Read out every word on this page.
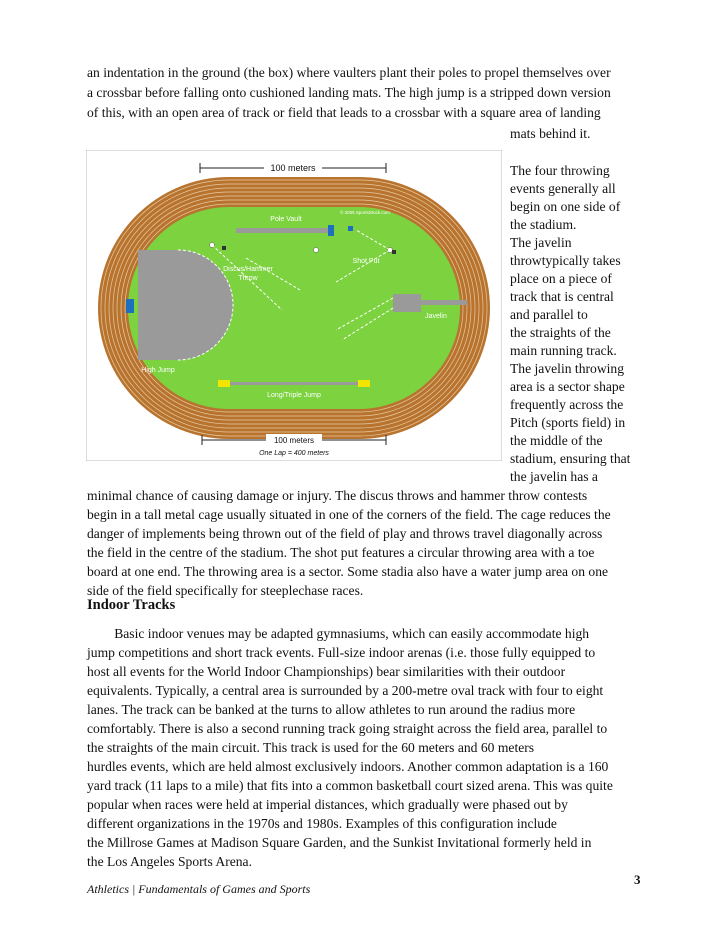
an indentation in the ground (the box) where vaulters plant their poles to propel themselves over
a crossbar before falling onto cushioned landing mats. The high jump is a stripped down version
of this, with an open area of track or field that leads to a crossbar with a square area of landing
mats behind it.
100 meters
High Jump
Pole Vault
© 2005 SportsStock.com
Discus/Hammer
Throw
Shot Put
Javelin
Long/Triple Jump
100 meters
One Lap = 400 meters
The four throwing
events generally all
begin on one side of
the stadium.
The javelin
throwtypically takes
place on a piece of
track that is central
and parallel to
the straights of the
main running track.
The javelin throwing
area is a sector shape
frequently across the
Pitch (sports field) in
the middle of the
stadium, ensuring that
the javelin has a
minimal chance of causing damage or injury. The discus throws and hammer throw contests
begin in a tall metal cage usually situated in one of the corners of the field. The cage reduces the
danger of implements being thrown out of the field of play and throws travel diagonally across
the field in the centre of the stadium. The shot put features a circular throwing area with a toe
board at one end. The throwing area is a sector. Some stadia also have a water jump area on one
side of the field specifically for steeplechase races.
Indoor Tracks
Basic indoor venues may be adapted gymnasiums, which can easily accommodate high
jump competitions and short track events. Full-size indoor arenas (i.e. those fully equipped to
host all events for the World Indoor Championships) bear similarities with their outdoor
equivalents. Typically, a central area is surrounded by a 200-metre oval track with four to eight
lanes. The track can be banked at the turns to allow athletes to run around the radius more
comfortably. There is also a second running track going straight across the field area, parallel to
the straights of the main circuit. This track is used for the 60 meters and 60 meters
hurdles events, which are held almost exclusively indoors. Another common adaptation is a 160
yard track (11 laps to a mile) that fits into a common basketball court sized arena. This was quite
popular when races were held at imperial distances, which gradually were phased out by
different organizations in the 1970s and 1980s. Examples of this configuration include
the Millrose Games at Madison Square Garden, and the Sunkist Invitational formerly held in
the Los Angeles Sports Arena.
3
Athletics | Fundamentals of Games and Sports
